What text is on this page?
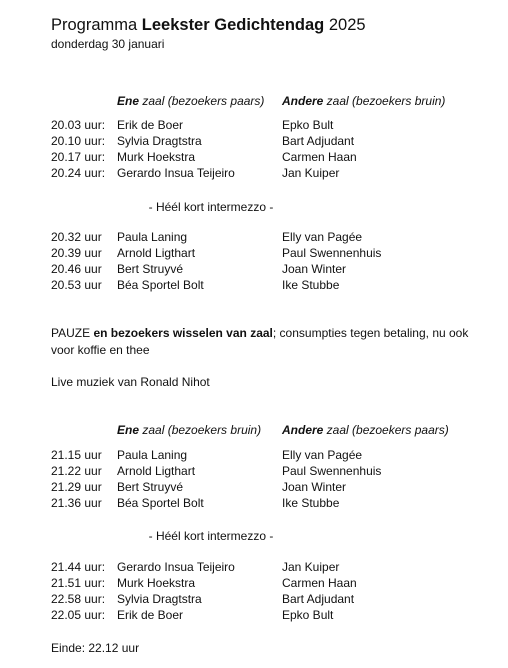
Programma Leekster Gedichtendag 2025
donderdag 30 januari
Ene zaal (bezoekers paars) Andere zaal (bezoekers bruin)
20.03 uur: Erik de Boer	Epko Bult
20.10 uur: Sylvia Dragtstra	Bart Adjudant
20.17 uur: Murk Hoekstra	Carmen Haan
20.24 uur: Gerardo Insua Teijeiro	Jan Kuiper
- Héél kort intermezzo -
20.32 uur Paula Laning	Elly van Pagée
20.39 uur Arnold Ligthart	Paul Swennenhuis
20.46 uur Bert Struyvé	Joan Winter
20.53 uur Béa Sportel Bolt	Ike Stubbe
PAUZE en bezoekers wisselen van zaal; consumpties tegen betaling, nu ook voor koffie en thee
Live muziek van Ronald Nihot
Ene zaal (bezoekers bruin) Andere zaal (bezoekers paars)
21.15 uur Paula Laning	Elly van Pagée
21.22 uur Arnold Ligthart	Paul Swennenhuis
21.29 uur Bert Struyvé	Joan Winter
21.36 uur Béa Sportel Bolt	Ike Stubbe
- Héél kort intermezzo -
21.44 uur: Gerardo Insua Teijeiro	Jan Kuiper
21.51 uur: Murk Hoekstra	Carmen Haan
22.58 uur: Sylvia Dragtstra	Bart Adjudant
22.05 uur: Erik de Boer	Epko Bult
Einde: 22.12 uur
